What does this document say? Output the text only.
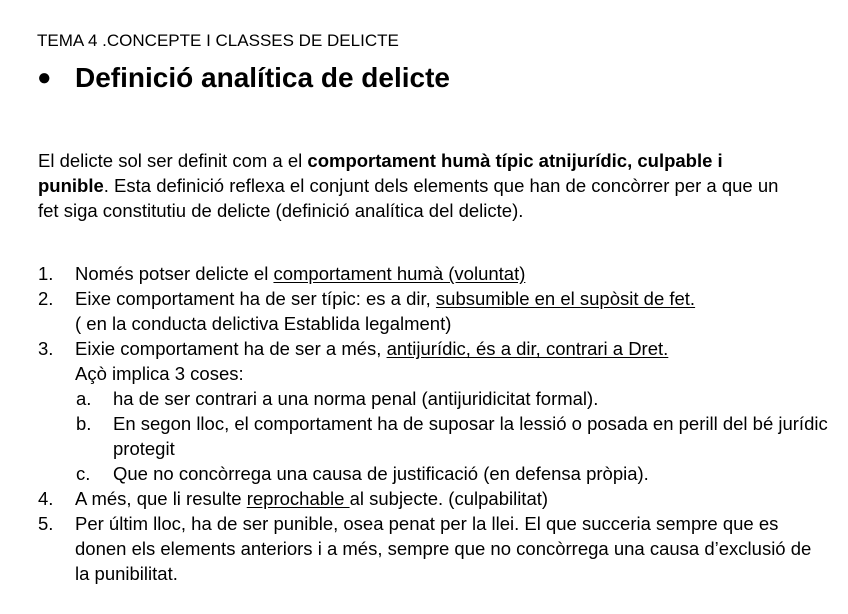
TEMA 4 .CONCEPTE I CLASSES DE DELICTE
● Definició analítica de delicte

El delicte sol ser definit com a el comportament humà típic atnijurídic, culpable i punible. Esta definició reflexa el conjunt dels elements que han de concòrrer per a que un fet siga constitutiu de delicte (definició analítica del delicte).

1. Només potser delicte el comportament humà (voluntat)
2. Eixe comportament ha de ser típic: es a dir, subsumible en el supòsit de fet.
( en la conducta delictiva Establida legalment)
3. Eixie comportament ha de ser a més, antijurídic, és a dir, contrari a Dret.
Açò implica 3 coses:
a. ha de ser contrari a una norma penal (antijuridicitat formal).
b. En segon lloc, el comportament ha de suposar la lessió o posada en perill del bé jurídic protegit
c. Que no concòrrega una causa de justificació (en defensa pròpia).
4. A més, que li resulte reprochable al subjecte. (culpabilitat)
5. Per últim lloc, ha de ser punible, osea penat per la llei. El que succeria sempre que es donen els elements anteriors i a més, sempre que no concòrrega una causa d’exclusió de la punibilitat.
